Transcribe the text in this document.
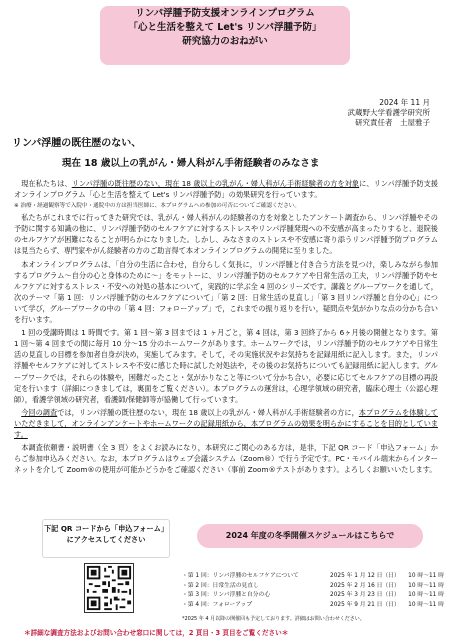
リンパ浮腫予防支援オンラインプログラム
「心と生活を整えて Let's リンパ浮腫予防」
研究協力のおねがい
2024 年 11 月
武蔵野大学看護学研究所
研究責任者　土屋雅子
リンパ浮腫の既往歴のない、
現在 18 歳以上の乳がん・婦人科がん手術経験者のみなさま

現在私たちは、リンパ浮腫の既往歴のない，現在 18 歳以上の乳がん・婦人科がん手術経験者の方を対象に、リンパ浮腫予防支援オンラインプログラム「心と生活を整えて Let's リンパ浮腫予防」の効果研究を行っています。

※ 治療・経過観察等で入院中・通院中の方は担当医師に、本プログラムへの参加の可否についてご確認ください。

私たちがこれまでに行ってきた研究では、乳がん・婦人科がんの経験者の方を対象としたアンケート調査から、リンパ浮腫やその予防に関する知識の他に、リンパ浮腫予防のセルフケアに対するストレスやリンパ浮腫発現への不安感が高まったりすると、退院後のセルフケアが困難になることが明らかになりました。しかし、みなさまのストレスや不安感に寄り添うリンパ浮腫予防プログラムは見当たらず、専門家やがん経験者の方のご助言得て本オンラインプログラムの開発に至りました。

本オンラインプログラムは、「自分の生活に合わせ，自分らしく気長に，リンパ浮腫と付き合う方法を見つけ，楽しみながら参加するプログラム〜自分の心と身体のために〜」をモットーに、リンパ浮腫予防のセルフケアや日常生活の工夫，リンパ浮腫予防やセルフケアに対するストレス・不安への対処の基本について，実践的に学ぶ全 4 回のシリーズです。講義とグループワークを通して，次のテーマ「第 1 回：リンパ浮腫予防のセルフケアについて」「第 2 回：日常生活の見直し」「第 3 回リンパ浮腫と自分の心」について学び，グループワークの中の「第 4 回：フォローアップ」で，これまでの振り返りを行い，疑問点や気がかりな点の分かち合いを行います。

1 回の受講時間は 1 時間です。第 1 回〜第 3 回までは 1 ヶ月ごと，第 4 回は，第 3 回終了から 6ヶ月後の開催となります。第 1 回〜第 4 回までの間に毎月 10 分〜15 分のホームワークがあります。ホームワークでは，リンパ浮腫予防のセルフケアや日常生活の見直しの目標を参加者自身が決め，実施してみます。そして，その実施状況やお気持ちを記録用紙に記入します。また，リンパ浮腫やセルフケアに対してストレスや不安に感じた時に試した対処法や，その後のお気持ちについても記録用紙に記入します。グループワークでは，それらの体験や，困難だったこと・気がかりなこと等について分かち合い，必要に応じてセルフケアの目標の再設定を行います（詳細につきましては，裏面をご覧ください）。本プログラムの運営は，心理学領域の研究者，臨床心理士（公認心理師），看護学領域の研究者，看護師/保健師等が協働して行っています。

今回の調査では，リンパ浮腫の既往歴のない，現在 18 歳以上の乳がん・婦人科がん手術経験者の方に，本プログラムを体験していただきまして，オンラインアンケートやホームワークの記録用紙から，本プログラムの効果を明らかにすることを目的としています。

本調査依頼書・説明書（全 3 頁）をよくお読みになり，本研究にご関心のある方は，是非，下記 QR コード「申込フォーム」からご参加申込みください。なお，本プログラムはウェブ会議システム（Zoom®）で行う予定です。PC・モバイル端末からインターネットを介して Zoom®の使用が可能かどうかをご確認ください（事前 Zoom®テストがあります）。よろしくお願いいたします。

下記 QR コードから「申込フォーム」
にアクセスしてください	2024 年度の冬季開催スケジュールはこちらで
・第 1 回：リンパ浮腫のセルフケアについて	2025 年 1 月 12 日（日）	10 時〜11 時
・第 2 回：日常生活の見直し	2025 年 2 月 16 日（日）	10 時〜11 時
・第 3 回：リンパ浮腫と自分の心	2025 年 3 月 23 日（日）	10 時〜11 時
・第 4 回：フォローアップ	2025 年 9 月 21 日（日）	10 時〜11 時
*2025 年 4 月以降の開催回も予定しております。詳細はお問い合わせください。
＊詳細な調査方法およびお問い合わせ窓口に関しては，2 頁目・3 頁目をご覧ください＊
